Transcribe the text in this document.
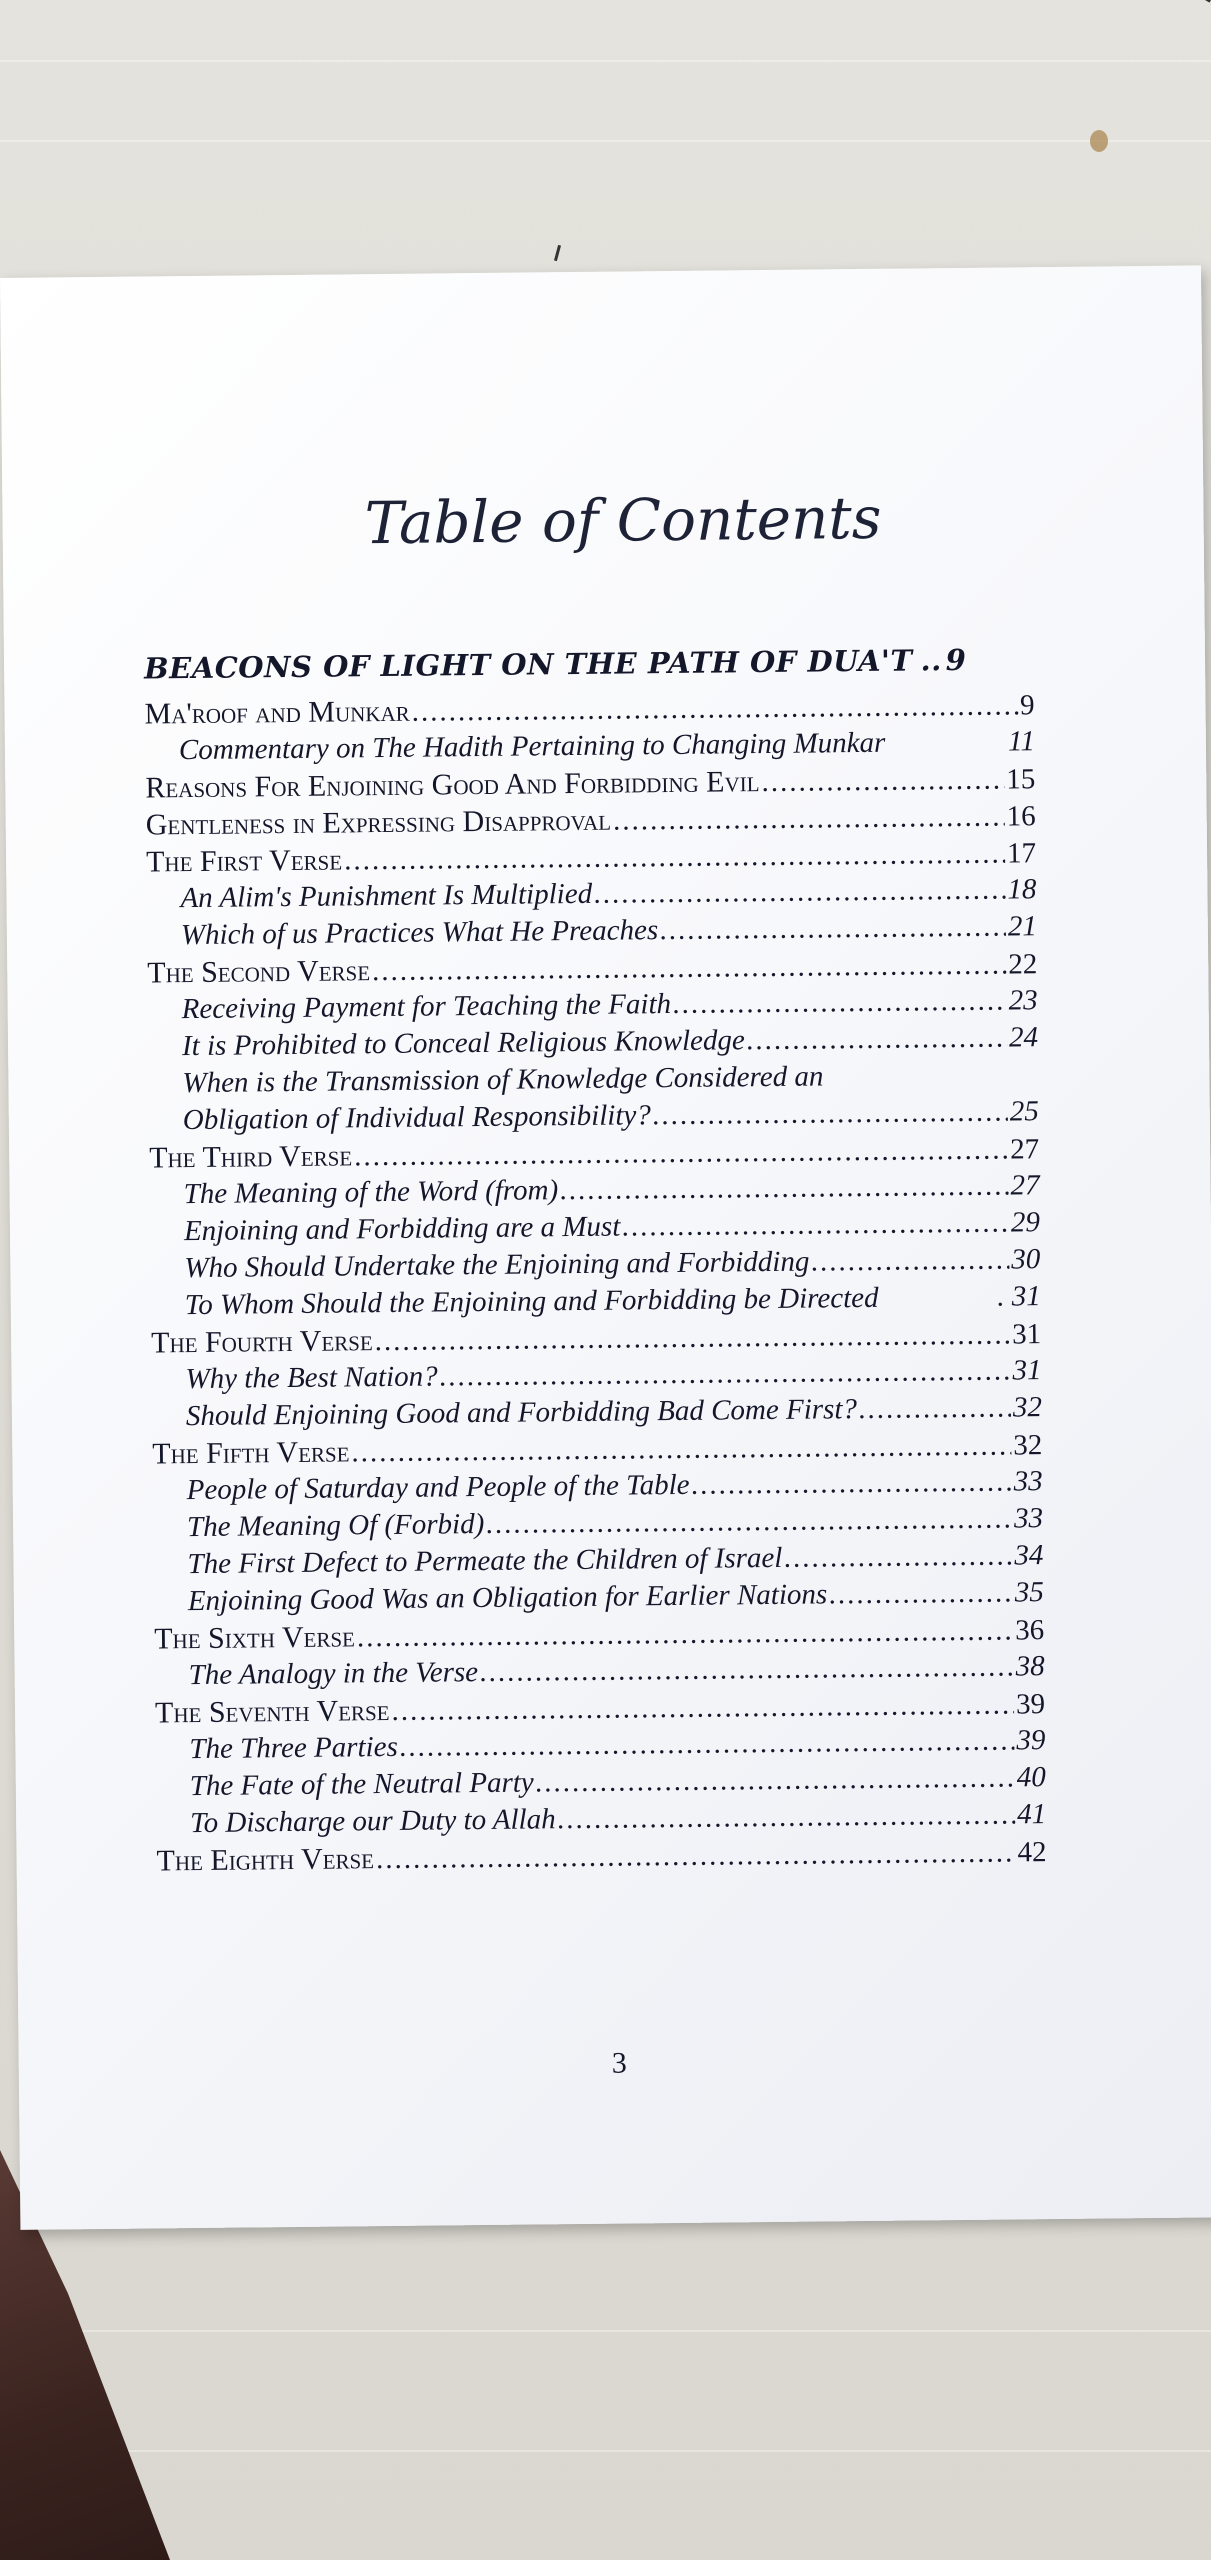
Table of Contents
BEACONS OF LIGHT ON THE PATH OF DUA'T .. 9
Ma'roof and Munkar .....	9
Commentary on The Hadith Pertaining to Changing Munkar	11
Reasons For Enjoining Good And Forbidding Evil .....	15
Gentleness in Expressing Disapproval .....	16
The First Verse .....	17
An Alim's Punishment Is Multiplied .....	18
Which of us Practices What He Preaches .....	21
The Second Verse .....	22
Receiving Payment for Teaching the Faith .....	23
It is Prohibited to Conceal Religious Knowledge .....	24
When is the Transmission of Knowledge Considered an
Obligation of Individual Responsibility? .....	25
The Third Verse .....	27
The Meaning of the Word (from) .....	27
Enjoining and Forbidding are a Must .....	29
Who Should Undertake the Enjoining and Forbidding .....	30
To Whom Should the Enjoining and Forbidding be Directed	. 31
The Fourth Verse .....	31
Why the Best Nation? .....	31
Should Enjoining Good and Forbidding Bad Come First? .....	32
The Fifth Verse .....	32
People of Saturday and People of the Table .....	33
The Meaning Of (Forbid) .....	33
The First Defect to Permeate the Children of Israel .....	34
Enjoining Good Was an Obligation for Earlier Nations .....	35
The Sixth Verse .....	36
The Analogy in the Verse .....	38
The Seventh Verse .....	39
The Three Parties .....	39
The Fate of the Neutral Party .....	40
To Discharge our Duty to Allah .....	41
The Eighth Verse .....	42
3
